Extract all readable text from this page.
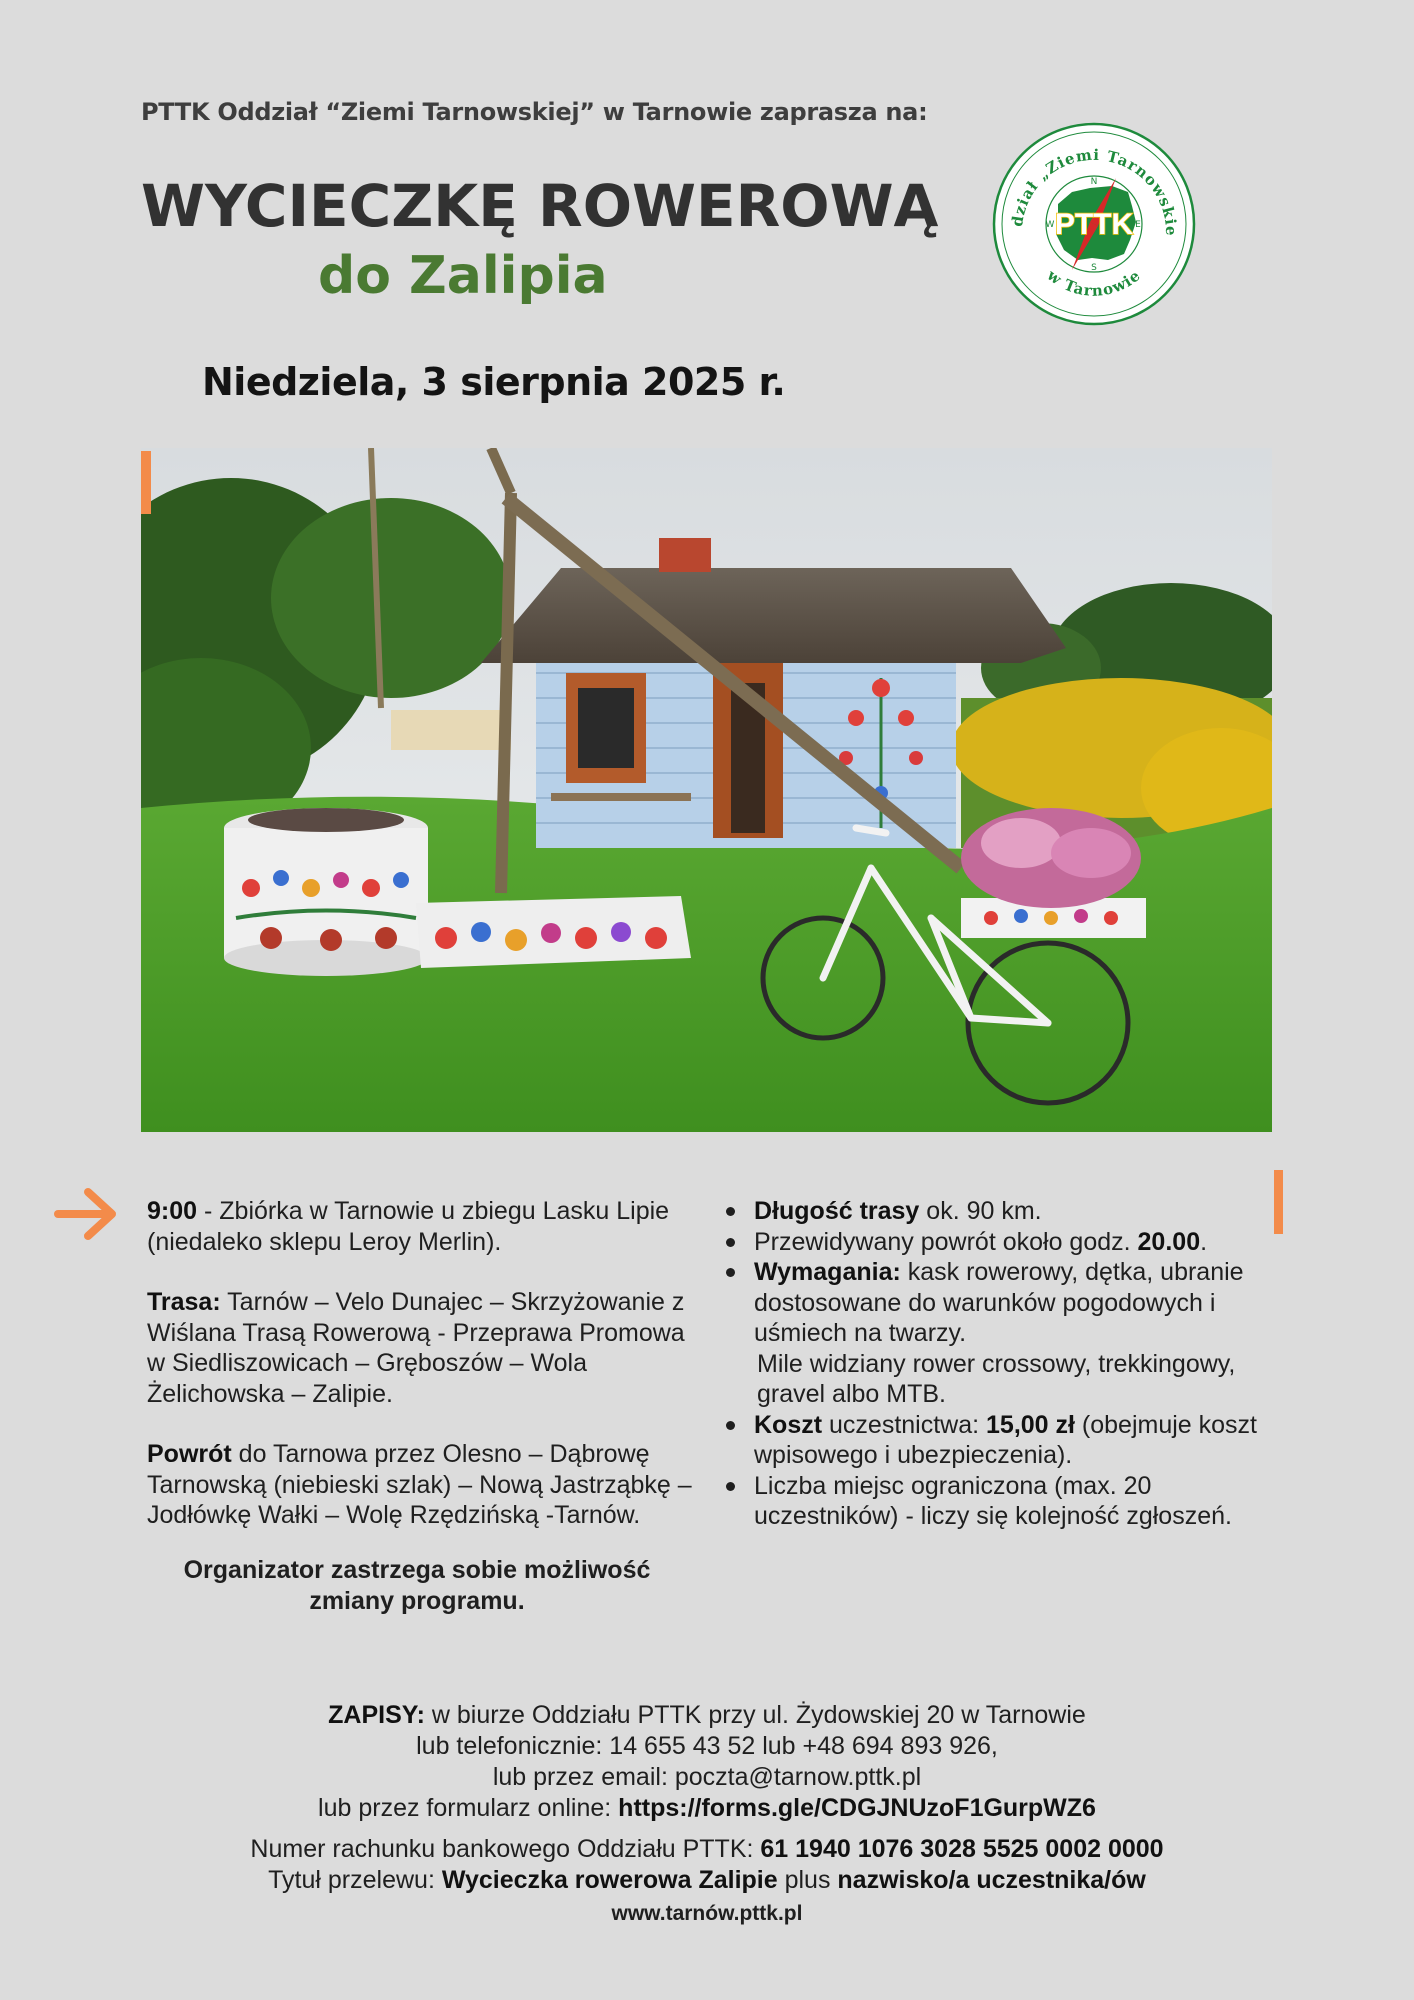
PTTK Oddział “Ziemi Tarnowskiej” w Tarnowie zaprasza na:
WYCIECZKĘ ROWEROWĄ
do Zalipia
Niedziela, 3 sierpnia 2025 r.
dział „Ziemi Tarnowskie
w Tarnowie
PTTK
N
E
S
W

9:00 - Zbiórka w Tarnowie u zbiegu Lasku Lipie (niedaleko sklepu Leroy Merlin).

Trasa: Tarnów – Velo Dunajec – Skrzyżowanie z Wiślana Trasą Rowerową - Przeprawa Promowa w Siedliszowicach – Gręboszów – Wola Żelichowska – Zalipie.

Powrót do Tarnowa przez Olesno – Dąbrowę Tarnowską (niebieski szlak) – Nową Jastrząbkę – Jodłówkę Wałki – Wolę Rzędzińską -Tarnów.

Organizator zastrzega sobie możliwość zmiany programu.

Długość trasy ok. 90 km.
Przewidywany powrót około godz. 20.00.
Wymagania: kask rowerowy, dętka, ubranie dostosowane do warunków pogodowych i uśmiech na twarzy.

Mile widziany rower crossowy, trekkingowy, gravel albo MTB.

Koszt uczestnictwa: 15,00 zł (obejmuje koszt wpisowego i ubezpieczenia).
Liczba miejsc ograniczona (max. 20 uczestników) - liczy się kolejność zgłoszeń.

ZAPISY: w biurze Oddziału PTTK przy ul. Żydowskiej 20 w Tarnowie

lub telefonicznie: 14 655 43 52 lub +48 694 893 926,

lub przez email: poczta@tarnow.pttk.pl

lub przez formularz online: https://forms.gle/CDGJNUzoF1GurpWZ6

Numer rachunku bankowego Oddziału PTTK: 61 1940 1076 3028 5525 0002 0000

Tytuł przelewu: Wycieczka rowerowa Zalipie plus nazwisko/a uczestnika/ów

www.tarnów.pttk.pl
